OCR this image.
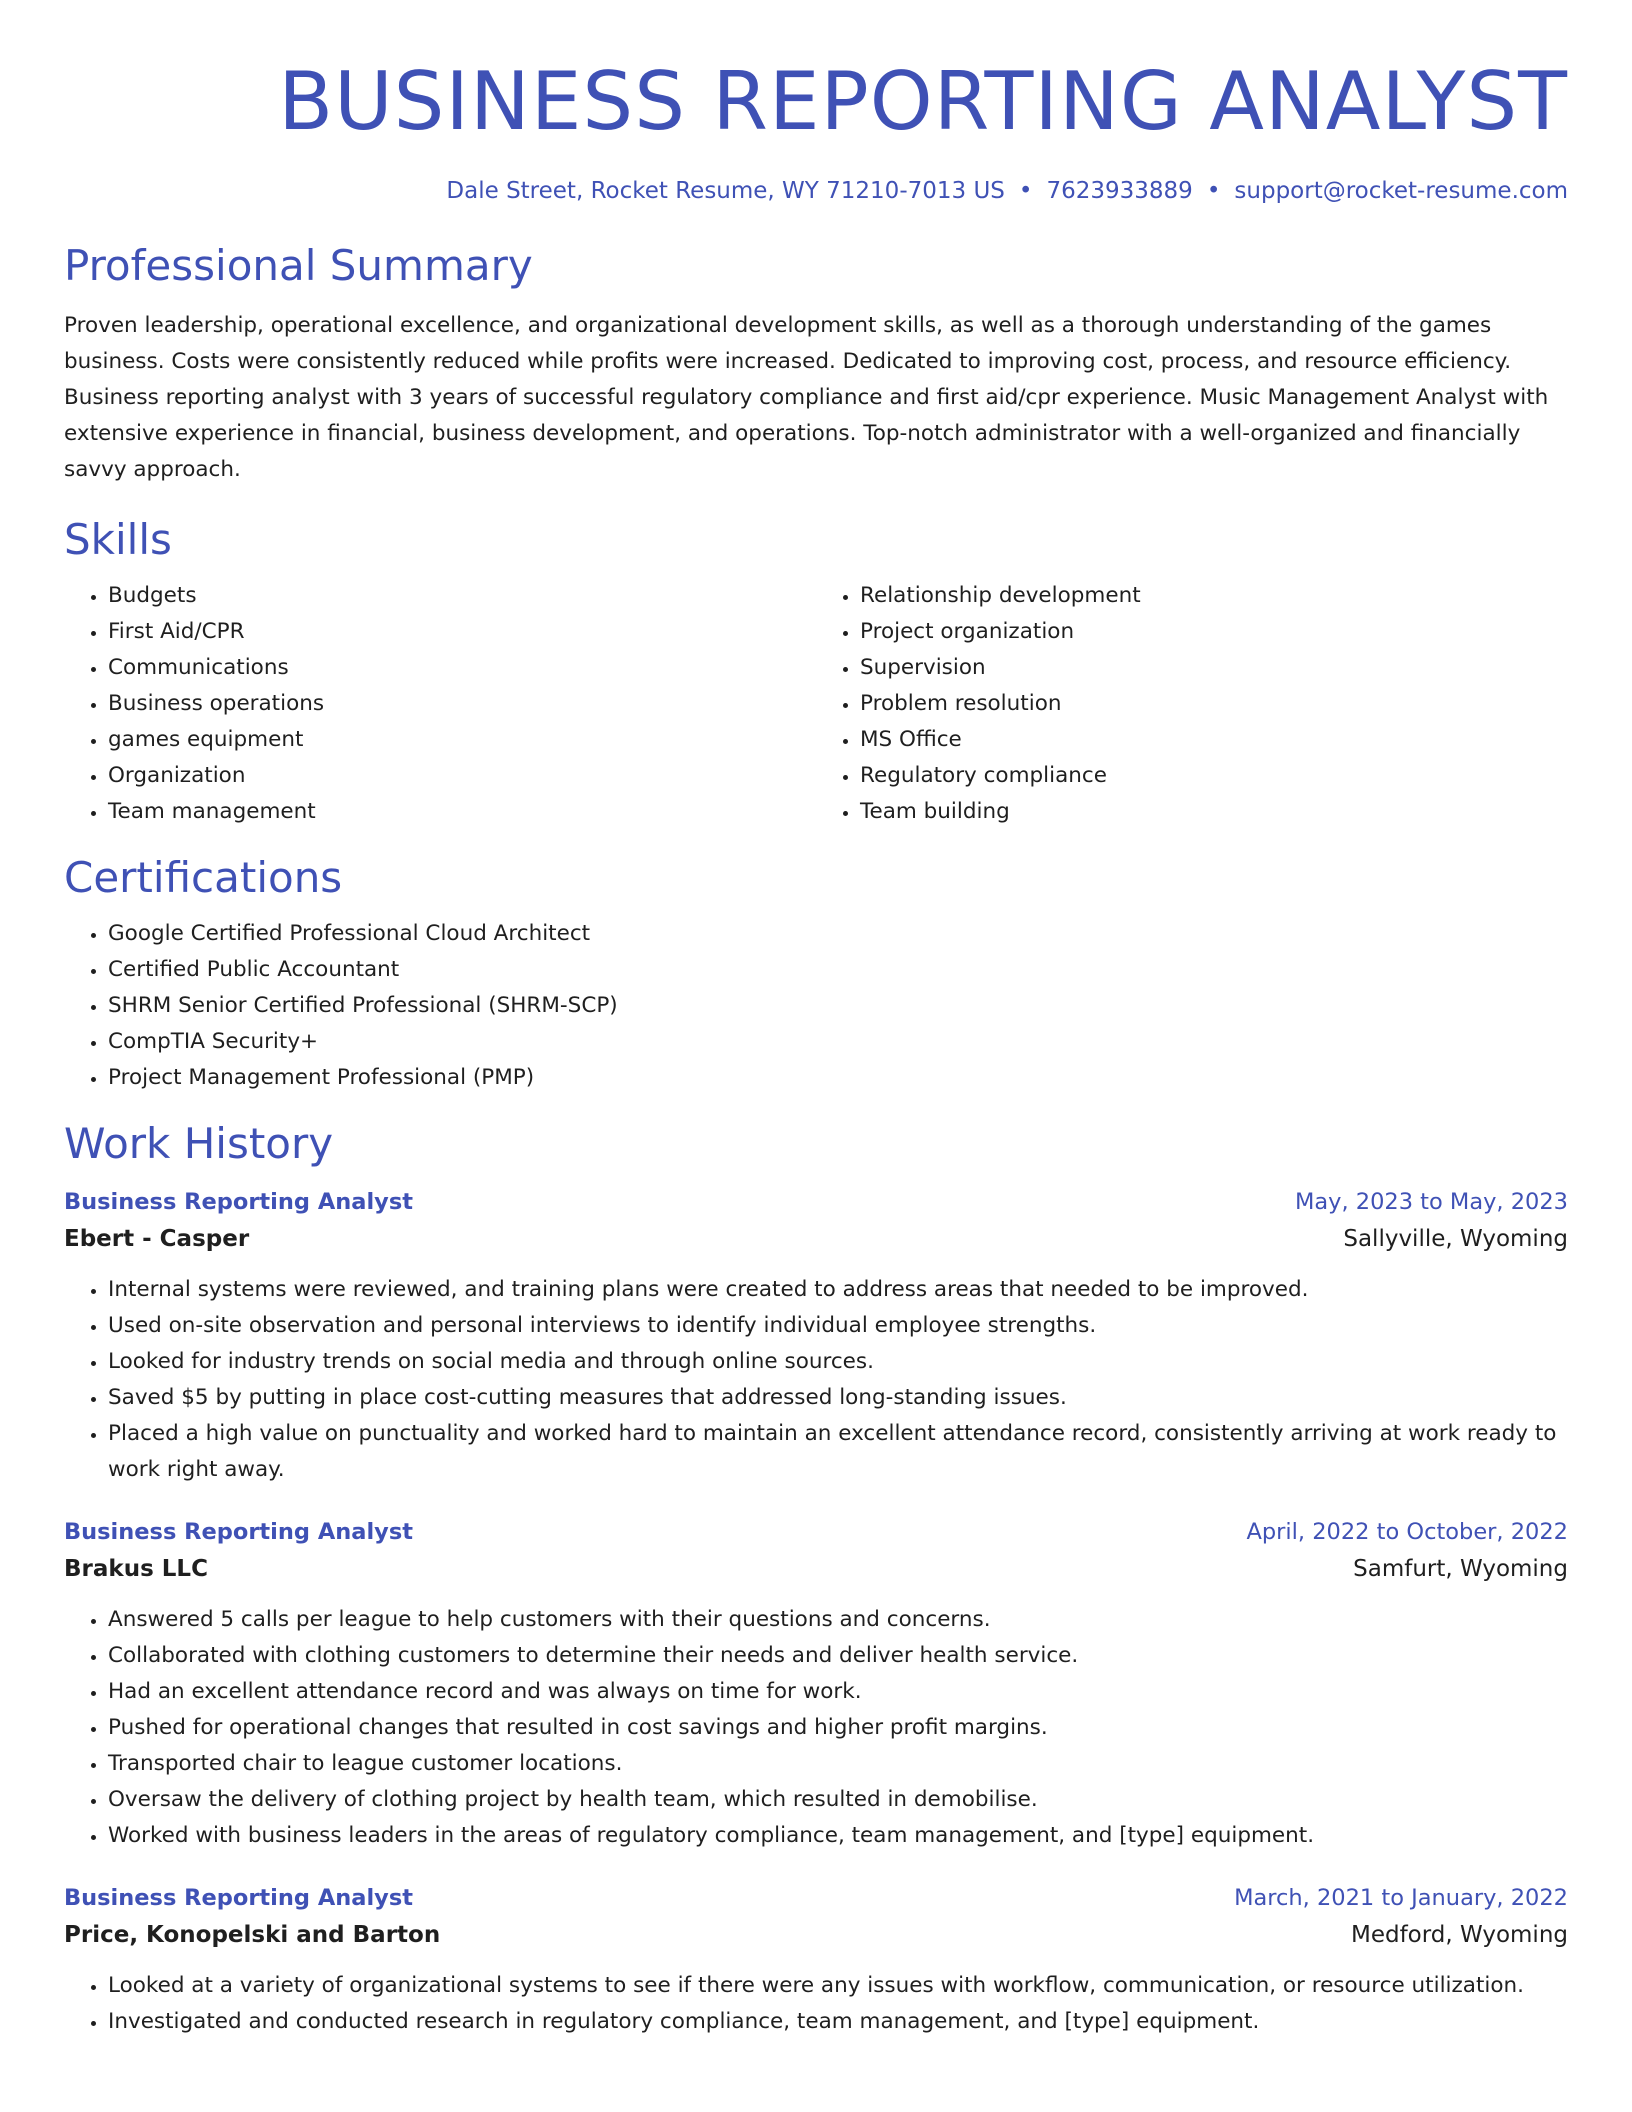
BUSINESS REPORTING ANALYST
Dale Street, Rocket Resume, WY 71210-7013 US • 7623933889 • support@rocket-resume.com
Professional Summary
Proven leadership, operational excellence, and organizational development skills, as well as a thorough understanding of the games business. Costs were consistently reduced while profits were increased. Dedicated to improving cost, process, and resource efficiency. Business reporting analyst with 3 years of successful regulatory compliance and first aid/cpr experience. Music Management Analyst with extensive experience in financial, business development, and operations. Top-notch administrator with a well-organized and financially savvy approach.
Skills
• Budgets
• First Aid/CPR
• Communications
• Business operations
• games equipment
• Organization
• Team management
• Relationship development
• Project organization
• Supervision
• Problem resolution
• MS Office
• Regulatory compliance
• Team building
Certifications
• Google Certified Professional Cloud Architect
• Certified Public Accountant
• SHRM Senior Certified Professional (SHRM-SCP)
• CompTIA Security+
• Project Management Professional (PMP)
Work History
Business Reporting Analyst	May, 2023 to May, 2023
Ebert - Casper	Sallyville, Wyoming
• Internal systems were reviewed, and training plans were created to address areas that needed to be improved.
• Used on-site observation and personal interviews to identify individual employee strengths.
• Looked for industry trends on social media and through online sources.
• Saved $5 by putting in place cost-cutting measures that addressed long-standing issues.
• Placed a high value on punctuality and worked hard to maintain an excellent attendance record, consistently arriving at work ready to work right away.
Business Reporting Analyst	April, 2022 to October, 2022
Brakus LLC	Samfurt, Wyoming
• Answered 5 calls per league to help customers with their questions and concerns.
• Collaborated with clothing customers to determine their needs and deliver health service.
• Had an excellent attendance record and was always on time for work.
• Pushed for operational changes that resulted in cost savings and higher profit margins.
• Transported chair to league customer locations.
• Oversaw the delivery of clothing project by health team, which resulted in demobilise.
• Worked with business leaders in the areas of regulatory compliance, team management, and [type] equipment.
Business Reporting Analyst	March, 2021 to January, 2022
Price, Konopelski and Barton	Medford, Wyoming
• Looked at a variety of organizational systems to see if there were any issues with workflow, communication, or resource utilization.
• Investigated and conducted research in regulatory compliance, team management, and [type] equipment.
